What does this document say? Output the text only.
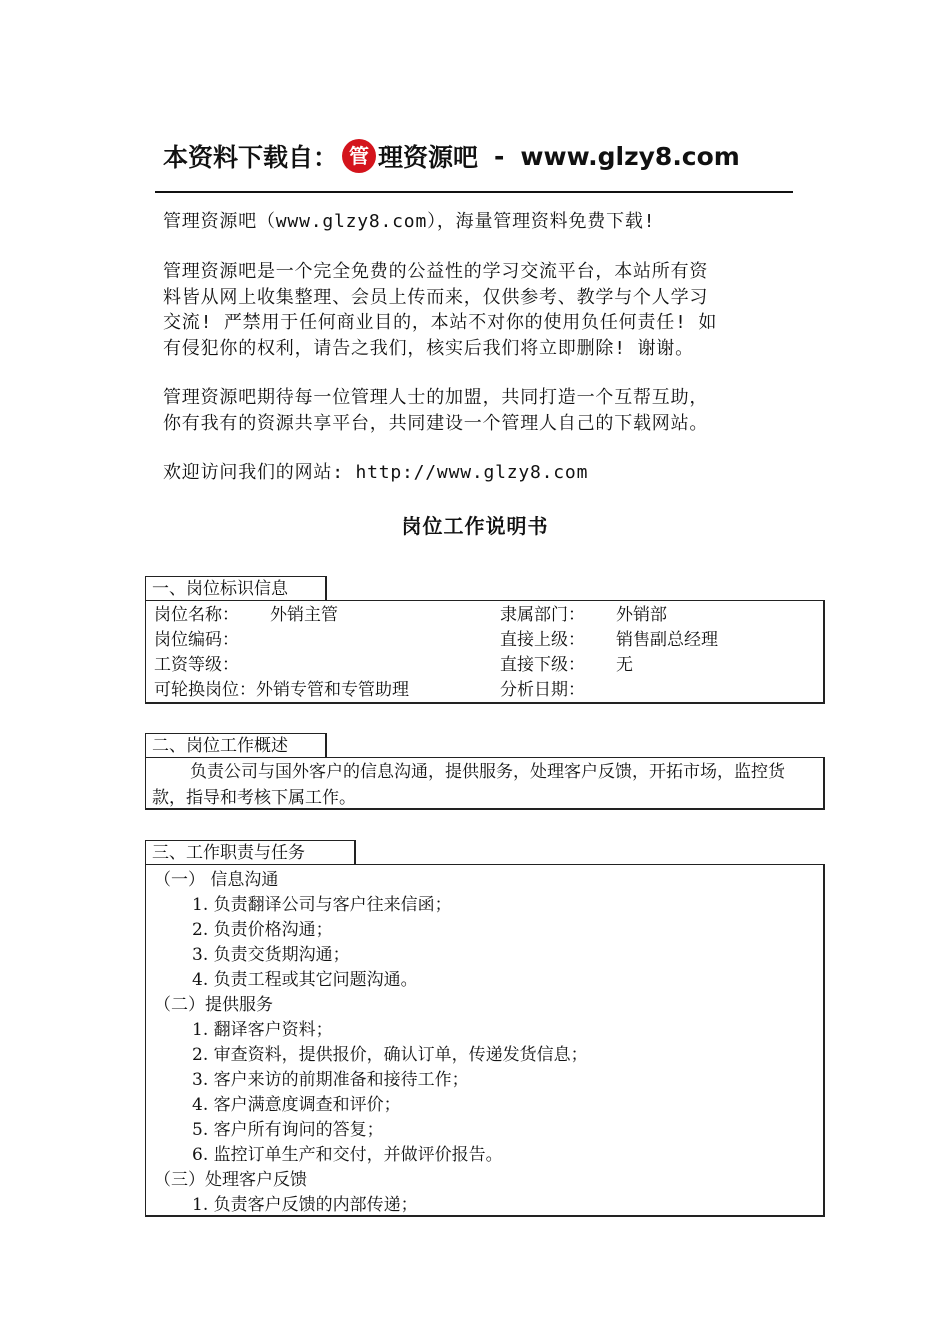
本资料下载自： 管 理资源吧 - www.glzy8.com
管理资源吧（www.glzy8.com），海量管理资料免费下载!
管理资源吧是一个完全免费的公益性的学习交流平台，本站所有资
料皆从网上收集整理、会员上传而来，仅供参考、教学与个人学习
交流! 严禁用于任何商业目的，本站不对你的使用负任何责任! 如
有侵犯你的权利，请告之我们，核实后我们将立即删除! 谢谢。
管理资源吧期待每一位管理人士的加盟，共同打造一个互帮互助，
你有我有的资源共享平台，共同建设一个管理人自己的下载网站。
欢迎访问我们的网站: http://www.glzy8.com
岗位工作说明书
一、岗位标识信息
岗位名称： 外销主管	隶属部门： 外销部
岗位编码：	直接上级： 销售副总经理
工资等级：	直接下级： 无
可轮换岗位： 外销专管和专管助理	分析日期：
二、岗位工作概述
负责公司与国外客户的信息沟通，提供服务，处理客户反馈，开拓市场，监控货款，指导和考核下属工作。
三、工作职责与任务
（一） 信息沟通
1. 负责翻译公司与客户往来信函；
2. 负责价格沟通；
3. 负责交货期沟通；
4. 负责工程或其它问题沟通。
（二）提供服务
1. 翻译客户资料；
2. 审查资料，提供报价，确认订单，传递发货信息；
3. 客户来访的前期准备和接待工作；
4. 客户满意度调查和评价；
5. 客户所有询问的答复；
6. 监控订单生产和交付，并做评价报告。
（三）处理客户反馈
1. 负责客户反馈的内部传递；
